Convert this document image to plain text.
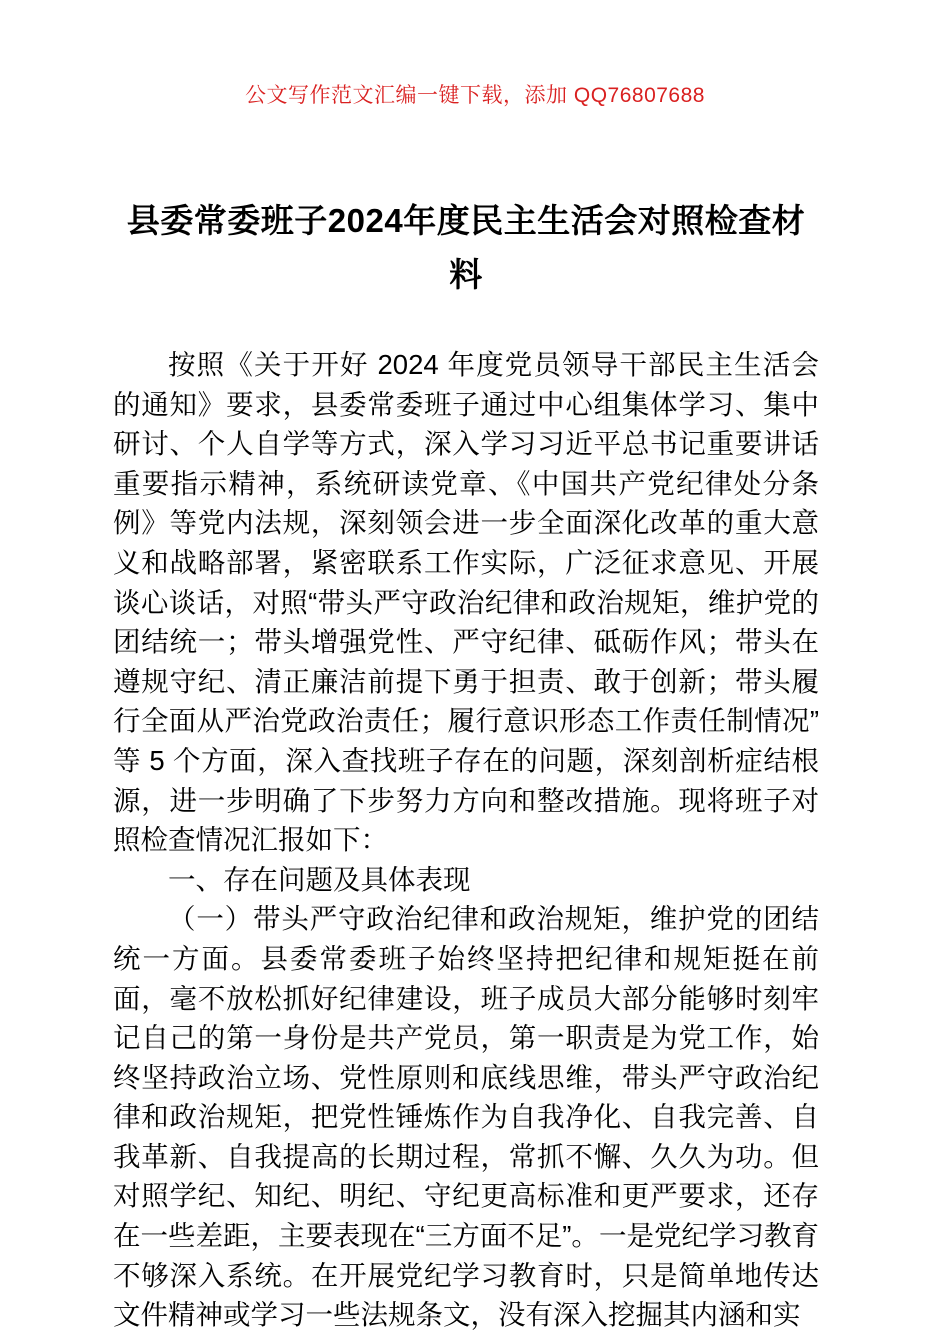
公文写作范文汇编一键下载，添加 QQ76807688
县委常委班子2024年度民主生活会对照检查材料

按照《关于开好 2024 年度党员领导干部民主生活会的通知》要求，县委常委班子通过中心组集体学习、集中研讨、个人自学等方式，深入学习习近平总书记重要讲话重要指示精神，系统研读党章、《中国共产党纪律处分条例》等党内法规，深刻领会进一步全面深化改革的重大意义和战略部署，紧密联系工作实际，广泛征求意见、开展谈心谈话，对照“带头严守政治纪律和政治规矩，维护党的团结统一；带头增强党性、严守纪律、砥砺作风；带头在遵规守纪、清正廉洁前提下勇于担责、敢于创新；带头履行全面从严治党政治责任；履行意识形态工作责任制情况”等 5 个方面，深入查找班子存在的问题，深刻剖析症结根源，进一步明确了下步努力方向和整改措施。现将班子对照检查情况汇报如下：

一、存在问题及具体表现

（一）带头严守政治纪律和政治规矩，维护党的团结统一方面。县委常委班子始终坚持把纪律和规矩挺在前面，毫不放松抓好纪律建设，班子成员大部分能够时刻牢记自己的第一身份是共产党员，第一职责是为党工作，始终坚持政治立场、党性原则和底线思维，带头严守政治纪律和政治规矩，把党性锤炼作为自我净化、自我完善、自我革新、自我提高的长期过程，常抓不懈、久久为功。但对照学纪、知纪、明纪、守纪更高标准和更严要求，还存在一些差距，主要表现在“三方面不足”。一是党纪学习教育不够深入系统。在开展党纪学习教育时，只是简单地传达文件精神或学习一些法规条文，没有深入挖掘其内涵和实
